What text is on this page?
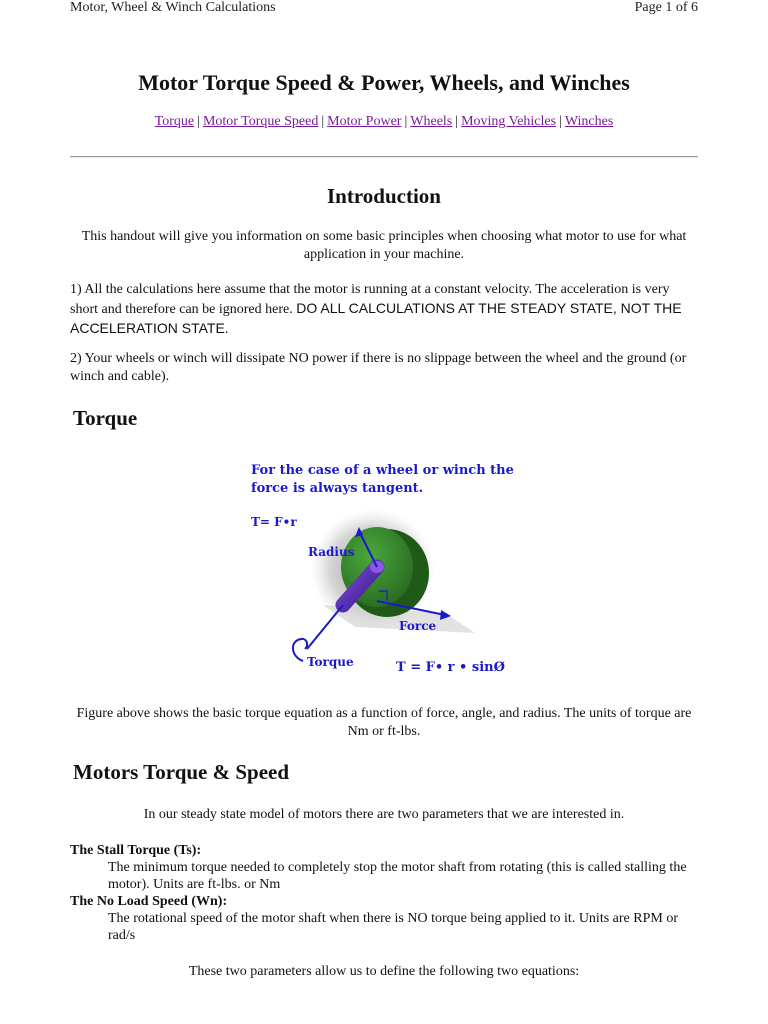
Motor, Wheel & Winch Calculations	Page 1 of 6
Motor Torque Speed & Power, Wheels, and Winches
Torque | Motor Torque Speed | Motor Power | Wheels | Moving Vehicles | Winches
Introduction
This handout will give you information on some basic principles when choosing what motor to use for what application in your machine.
1) All the calculations here assume that the motor is running at a constant velocity. The acceleration is very short and therefore can be ignored here. DO ALL CALCULATIONS AT THE STEADY STATE, NOT THE ACCELERATION STATE.
2) Your wheels or winch will dissipate NO power if there is no slippage between the wheel and the ground (or winch and cable).
Torque
For the case of a wheel or winch the
force is always tangent.
T= F•r
Radius
Force
Torque	T = F• r • sinØ
Figure above shows the basic torque equation as a function of force, angle, and radius. The units of torque are Nm or ft-lbs.
Motors Torque & Speed
In our steady state model of motors there are two parameters that we are interested in.
The Stall Torque (Ts):
The minimum torque needed to completely stop the motor shaft from rotating (this is called stalling the motor). Units are ft-lbs. or Nm
The No Load Speed (Wn):
The rotational speed of the motor shaft when there is NO torque being applied to it. Units are RPM or rad/s
These two parameters allow us to define the following two equations:
